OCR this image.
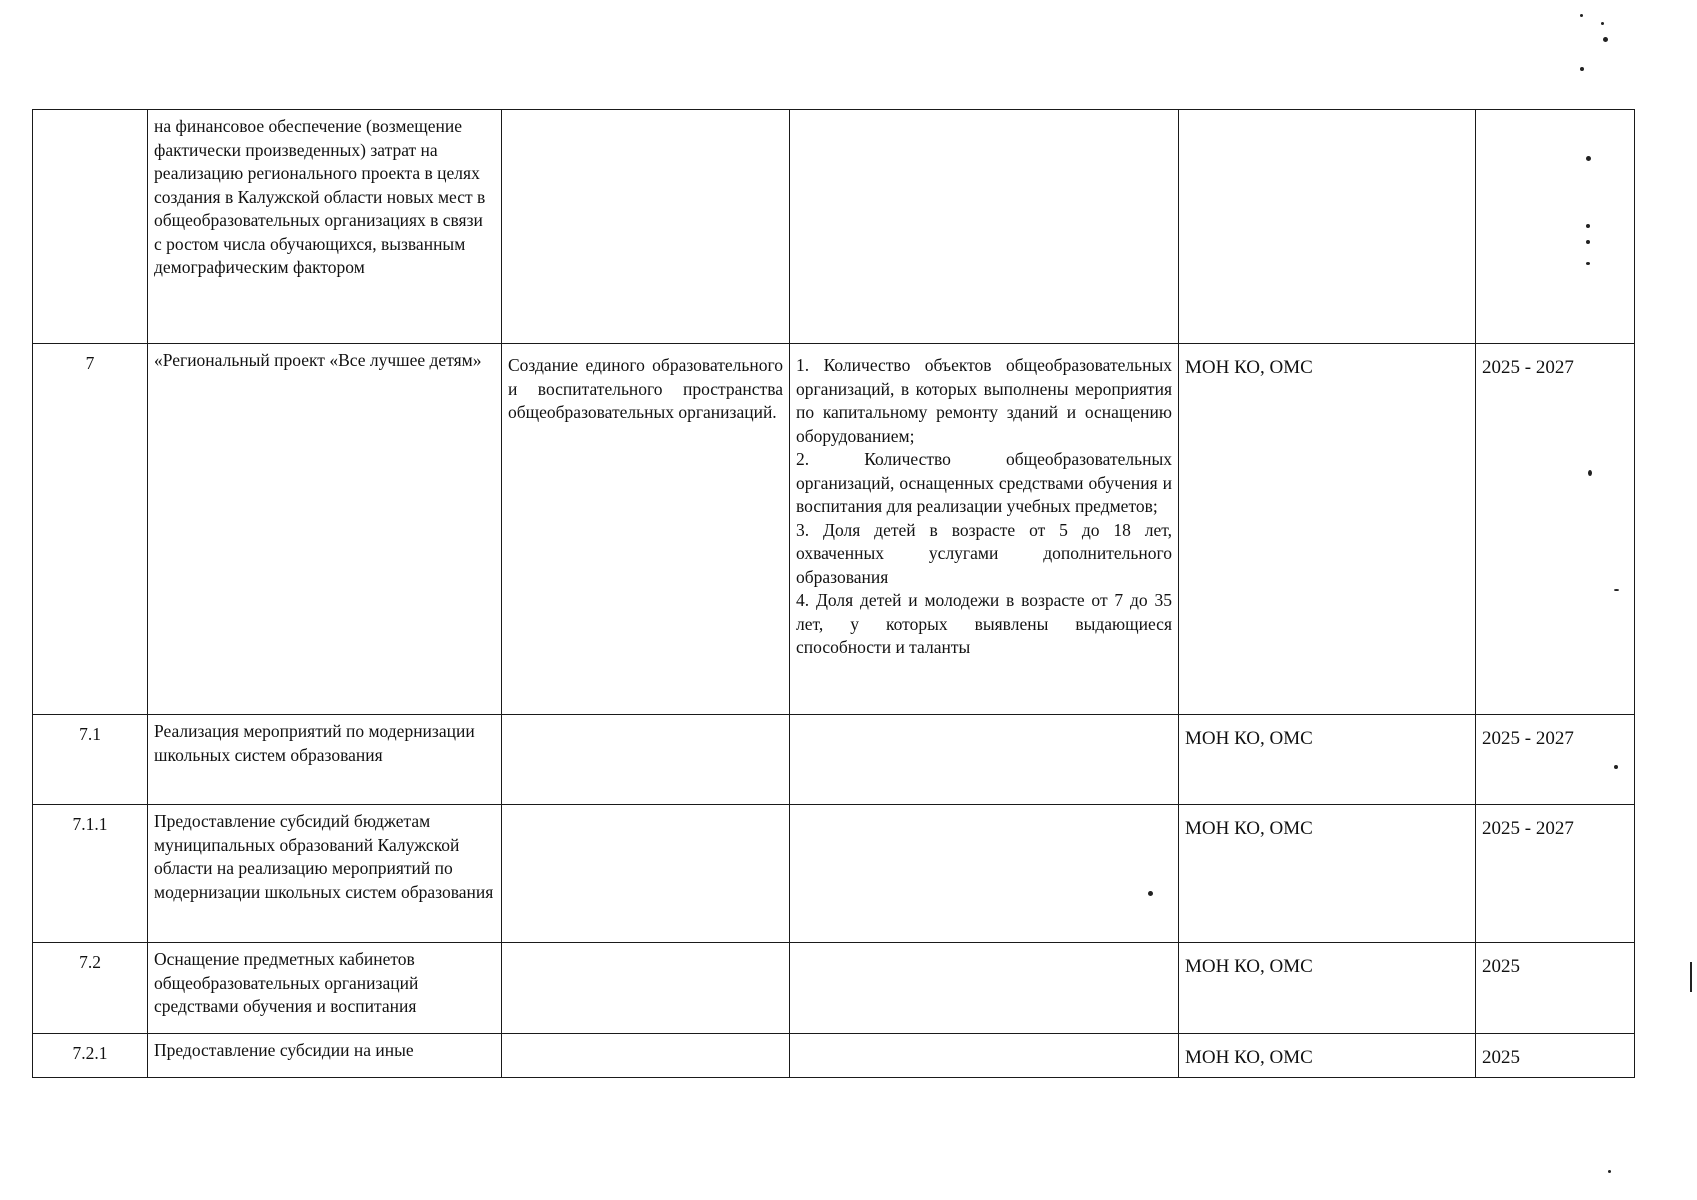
	на финансовое обеспечение (возмещение фактически произведенных) затрат на реализацию регионального проекта в целях создания в Калужской области новых мест в общеобразовательных организациях в связи с ростом числа обучающихся, вызванным демографическим фактором				
7	«Региональный проект «Все лучшее детям»	Создание единого образовательного и воспитательного пространства общеобразовательных организаций.	1. Количество объектов общеобразовательных организаций, в которых выполнены мероприятия по капитальному ремонту зданий и оснащению оборудованием;

2. Количество общеобразовательных организаций, оснащенных средствами обучения и воспитания для реализации учебных предметов;

3. Доля детей в возрасте от 5 до 18 лет, охваченных услугами дополнительного образования

4. Доля детей и молодежи в возрасте от 7 до 35 лет, у которых выявлены выдающиеся способности и таланты	МОН КО, ОМС	2025 - 2027
7.1	Реализация мероприятий по модернизации школьных систем образования			МОН КО, ОМС	2025 - 2027
7.1.1	Предоставление субсидий бюджетам муниципальных образований Калужской области на реализацию мероприятий по модернизации школьных систем образования			МОН КО, ОМС	2025 - 2027
7.2	Оснащение предметных кабинетов общеобразовательных организаций средствами обучения и воспитания			МОН КО, ОМС	2025
7.2.1	Предоставление субсидии на иные			МОН КО, ОМС	2025
